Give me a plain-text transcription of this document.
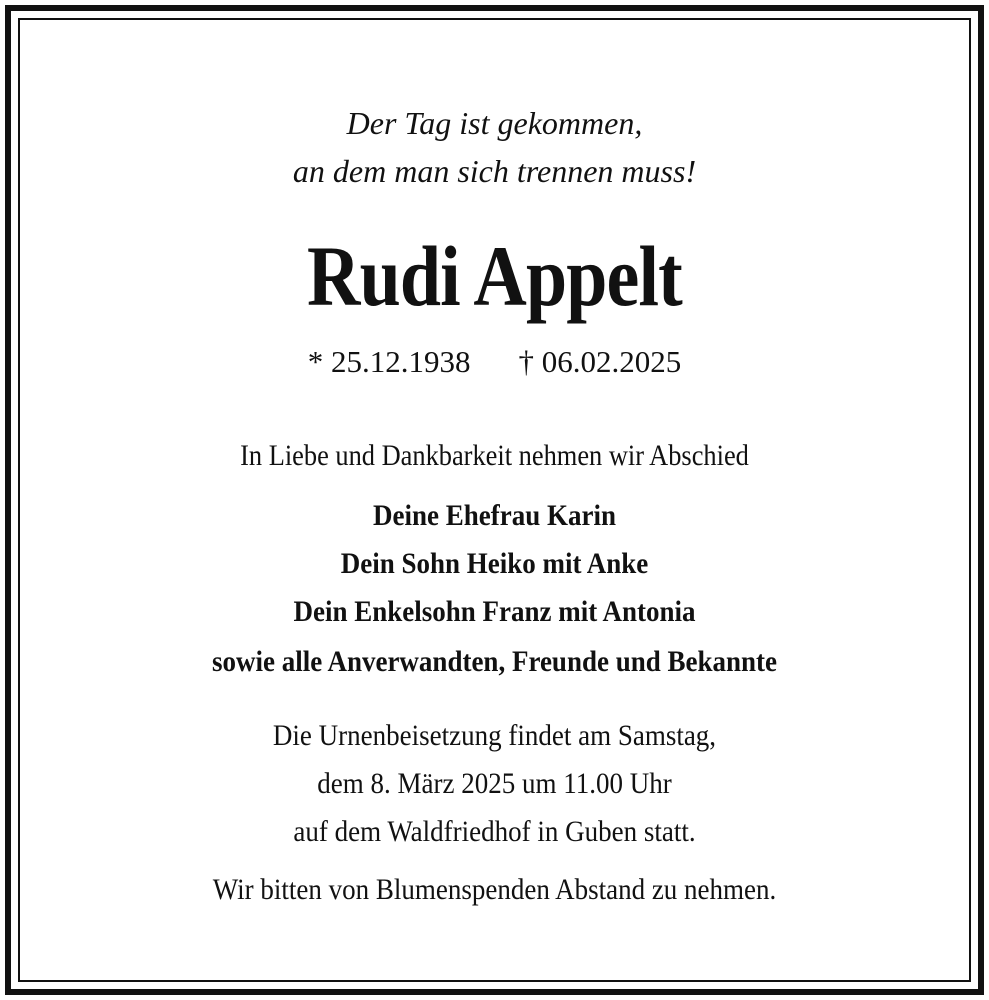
Der Tag ist gekommen,
an dem man sich trennen muss!
Rudi Appelt
* 25.12.1938 † 06.02.2025
In Liebe und Dankbarkeit nehmen wir Abschied
Deine Ehefrau Karin
Dein Sohn Heiko mit Anke
Dein Enkelsohn Franz mit Antonia
sowie alle Anverwandten, Freunde und Bekannte
Die Urnenbeisetzung findet am Samstag,
dem 8. März 2025 um 11.00 Uhr
auf dem Waldfriedhof in Guben statt.
Wir bitten von Blumenspenden Abstand zu nehmen.
